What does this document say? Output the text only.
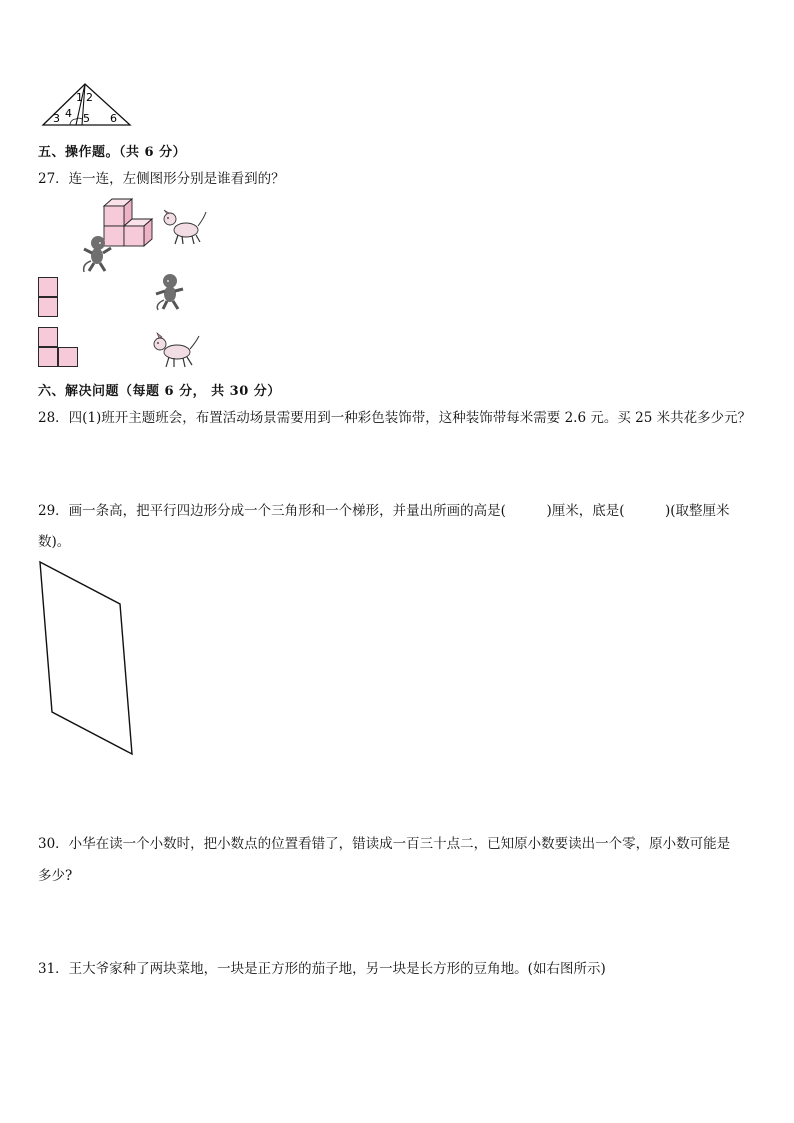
1 2
3 4 5 6
五、操作题。（共 6 分）
27．连一连，左侧图形分别是谁看到的？
六、解决问题（每题 6 分， 共 30 分）
28．四(1)班开主题班会，布置活动场景需要用到一种彩色装饰带，这种装饰带每米需要 2.6 元。买 25 米共花多少元？
29．画一条高，把平行四边形分成一个三角形和一个梯形，并量出所画的高是(　　　)厘米，底是(　　　)(取整厘米
数)。
30．小华在读一个小数时，把小数点的位置看错了，错读成一百三十点二，已知原小数要读出一个零，原小数可能是
多少?
31．王大爷家种了两块菜地，一块是正方形的茄子地，另一块是长方形的豆角地。(如右图所示)
